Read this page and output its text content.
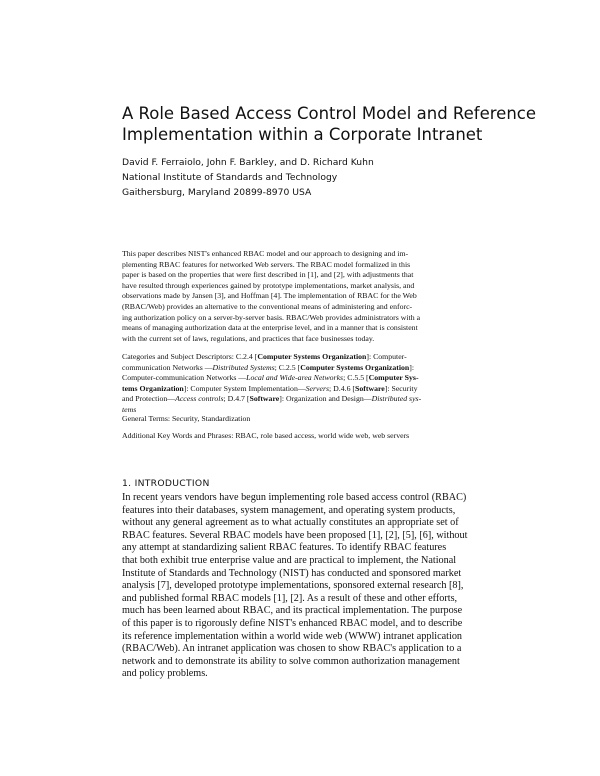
A Role Based Access Control Model and Reference
Implementation within a Corporate Intranet
David F. Ferraiolo, John F. Barkley, and D. Richard Kuhn
National Institute of Standards and Technology
Gaithersburg, Maryland 20899-8970 USA
This paper describes NIST's enhanced RBAC model and our approach to designing and im-
plementing RBAC features for networked Web servers. The RBAC model formalized in this
paper is based on the properties that were first described in [1], and [2], with adjustments that
have resulted through experiences gained by prototype implementations, market analysis, and
observations made by Jansen [3], and Hoffman [4]. The implementation of RBAC for the Web
(RBAC/Web) provides an alternative to the conventional means of administering and enforc-
ing authorization policy on a server-by-server basis. RBAC/Web provides administrators with a
means of managing authorization data at the enterprise level, and in a manner that is consistent
with the current set of laws, regulations, and practices that face businesses today.
Categories and Subject Descriptors: C.2.4 [Computer Systems Organization]: Computer-
communication Networks —Distributed Systems; C.2.5 [Computer Systems Organization]:
Computer-communication Networks —Local and Wide-area Networks; C.5.5 [Computer Sys-
tems Organization]: Computer System Implementation—Servers; D.4.6 [Software]: Security
and Protection—Access controls; D.4.7 [Software]: Organization and Design—Distributed sys-
tems
General Terms: Security, Standardization
Additional Key Words and Phrases: RBAC, role based access, world wide web, web servers
1. INTRODUCTION
In recent years vendors have begun implementing role based access control (RBAC)
features into their databases, system management, and operating system products,
without any general agreement as to what actually constitutes an appropriate set of
RBAC features. Several RBAC models have been proposed [1], [2], [5], [6], without
any attempt at standardizing salient RBAC features. To identify RBAC features
that both exhibit true enterprise value and are practical to implement, the National
Institute of Standards and Technology (NIST) has conducted and sponsored market
analysis [7], developed prototype implementations, sponsored external research [8],
and published formal RBAC models [1], [2]. As a result of these and other efforts,
much has been learned about RBAC, and its practical implementation. The purpose
of this paper is to rigorously define NIST's enhanced RBAC model, and to describe
its reference implementation within a world wide web (WWW) intranet application
(RBAC/Web). An intranet application was chosen to show RBAC's application to a
network and to demonstrate its ability to solve common authorization management
and policy problems.
